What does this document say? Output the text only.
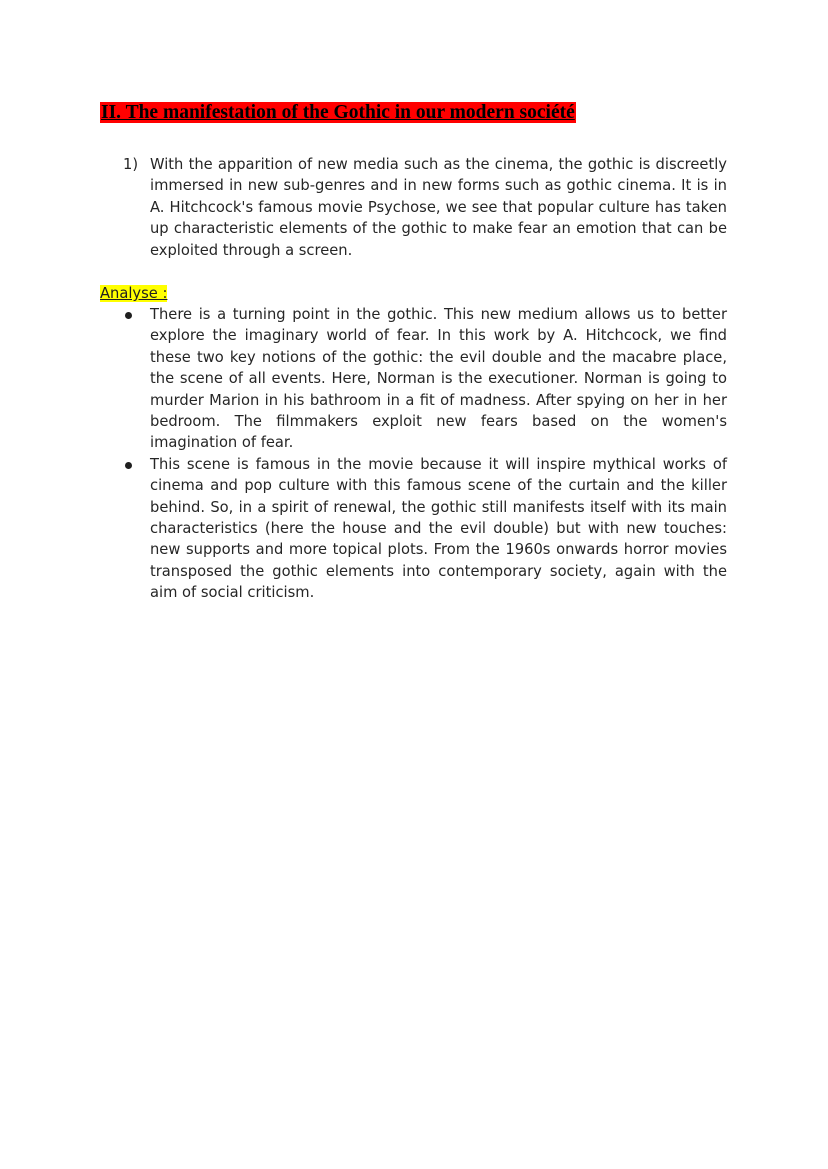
II. The manifestation of the Gothic in our modern société
1) With the apparition of new media such as the cinema, the gothic is discreetly immersed in new sub-genres and in new forms such as gothic cinema. It is in A. Hitchcock's famous movie Psychose, we see that popular culture has taken up characteristic elements of the gothic to make fear an emotion that can be exploited through a screen.
Analyse :
There is a turning point in the gothic. This new medium allows us to better explore the imaginary world of fear. In this work by A. Hitchcock, we find these two key notions of the gothic: the evil double and the macabre place, the scene of all events. Here, Norman is the executioner. Norman is going to murder Marion in his bathroom in a fit of madness. After spying on her in her bedroom. The filmmakers exploit new fears based on the women's imagination of fear.
This scene is famous in the movie because it will inspire mythical works of cinema and pop culture with this famous scene of the curtain and the killer behind. So, in a spirit of renewal, the gothic still manifests itself with its main characteristics (here the house and the evil double) but with new touches: new supports and more topical plots. From the 1960s onwards horror movies transposed the gothic elements into contemporary society, again with the aim of social criticism.
